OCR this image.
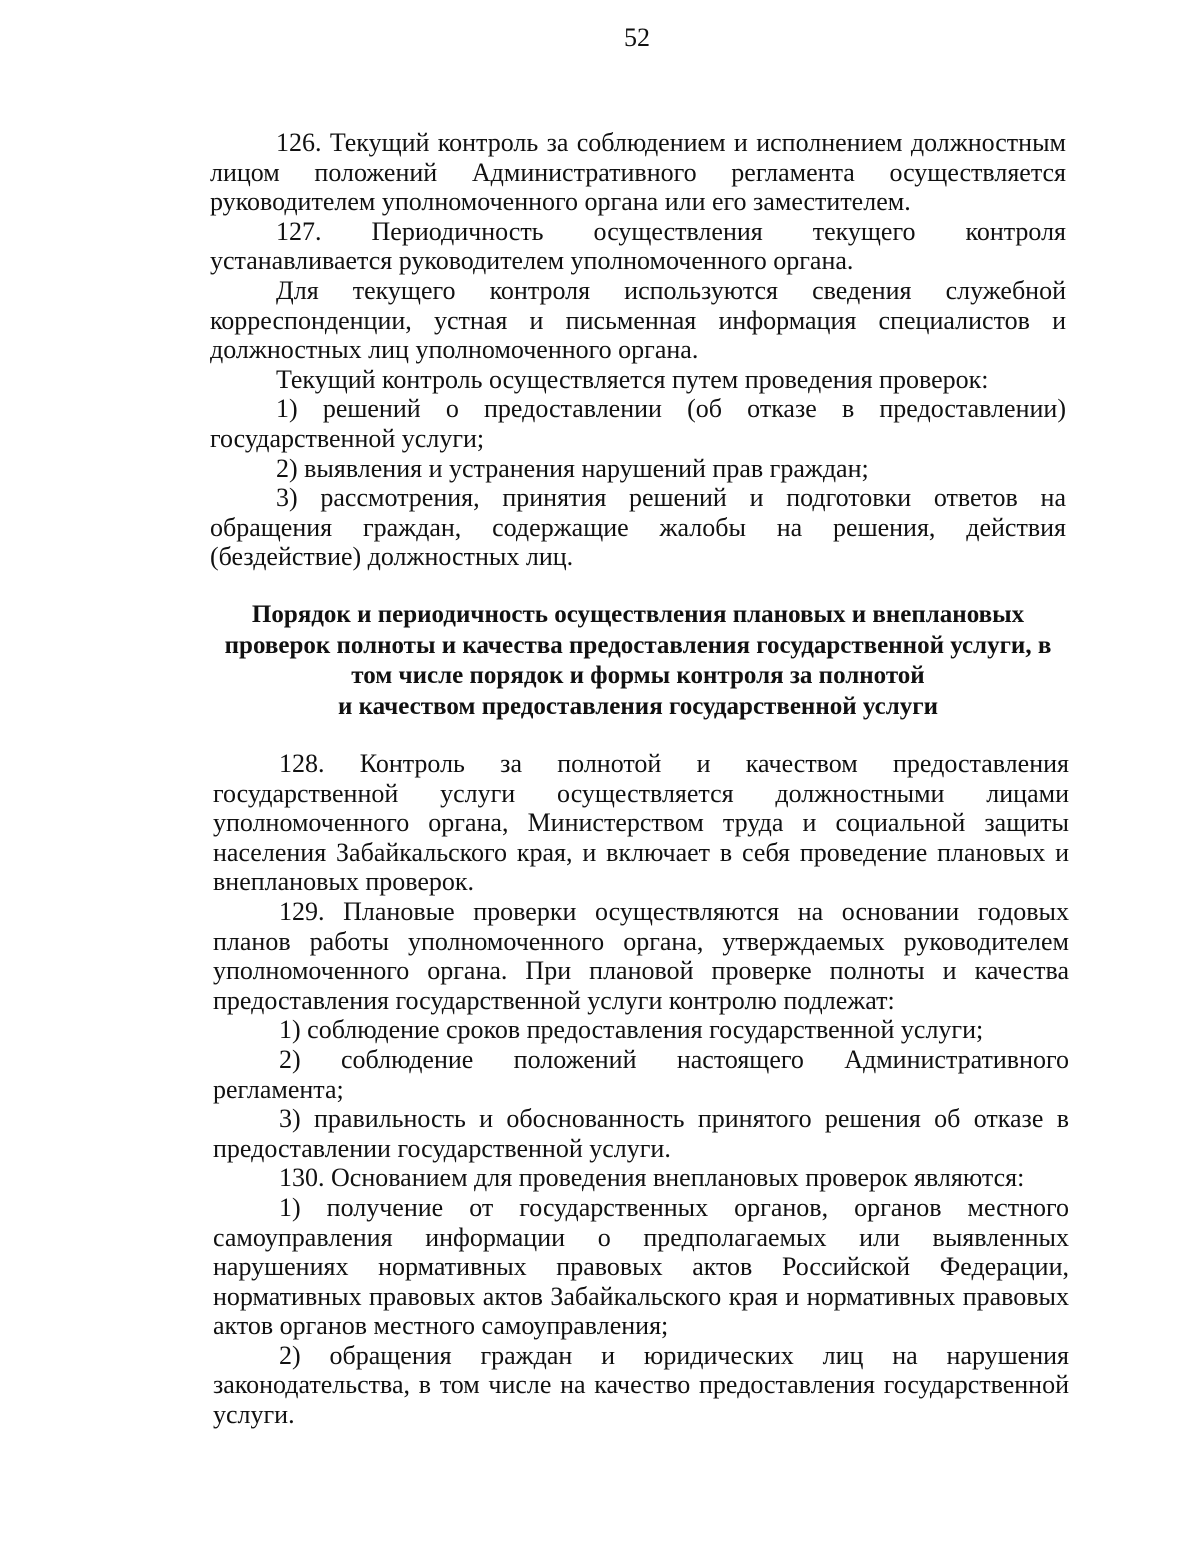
52

126. Текущий контроль за соблюдением и исполнением должностным лицом положений Административного регламента осуществляется руководителем уполномоченного органа или его заместителем.

127. Периодичность осуществления текущего контроля устанавливается руководителем уполномоченного органа.

Для текущего контроля используются сведения служебной корреспонденции, устная и письменная информация специалистов и должностных лиц уполномоченного органа.

Текущий контроль осуществляется путем проведения проверок:

1) решений о предоставлении (об отказе в предоставлении) государственной услуги;

2) выявления и устранения нарушений прав граждан;

3) рассмотрения, принятия решений и подготовки ответов на обращения граждан, содержащие жалобы на решения, действия (бездействие) должностных лиц.

Порядок и периодичность осуществления плановых и внеплановых
проверок полноты и качества предоставления государственной услуги, в
том числе порядок и формы контроля за полнотой
и качеством предоставления государственной услуги

128. Контроль за полнотой и качеством предоставления государственной услуги осуществляется должностными лицами уполномоченного органа, Министерством труда и социальной защиты населения Забайкальского края, и включает в себя проведение плановых и внеплановых проверок.

129. Плановые проверки осуществляются на основании годовых планов работы уполномоченного органа, утверждаемых руководителем уполномоченного органа. При плановой проверке полноты и качества предоставления государственной услуги контролю подлежат:

1) соблюдение сроков предоставления государственной услуги;

2) соблюдение положений настоящего Административного регламента;

3) правильность и обоснованность принятого решения об отказе в предоставлении государственной услуги.

130. Основанием для проведения внеплановых проверок являются:

1) получение от государственных органов, органов местного самоуправления информации о предполагаемых или выявленных нарушениях нормативных правовых актов Российской Федерации, нормативных правовых актов Забайкальского края и нормативных правовых актов органов местного самоуправления;

2) обращения граждан и юридических лиц на нарушения законодательства, в том числе на качество предоставления государственной услуги.
